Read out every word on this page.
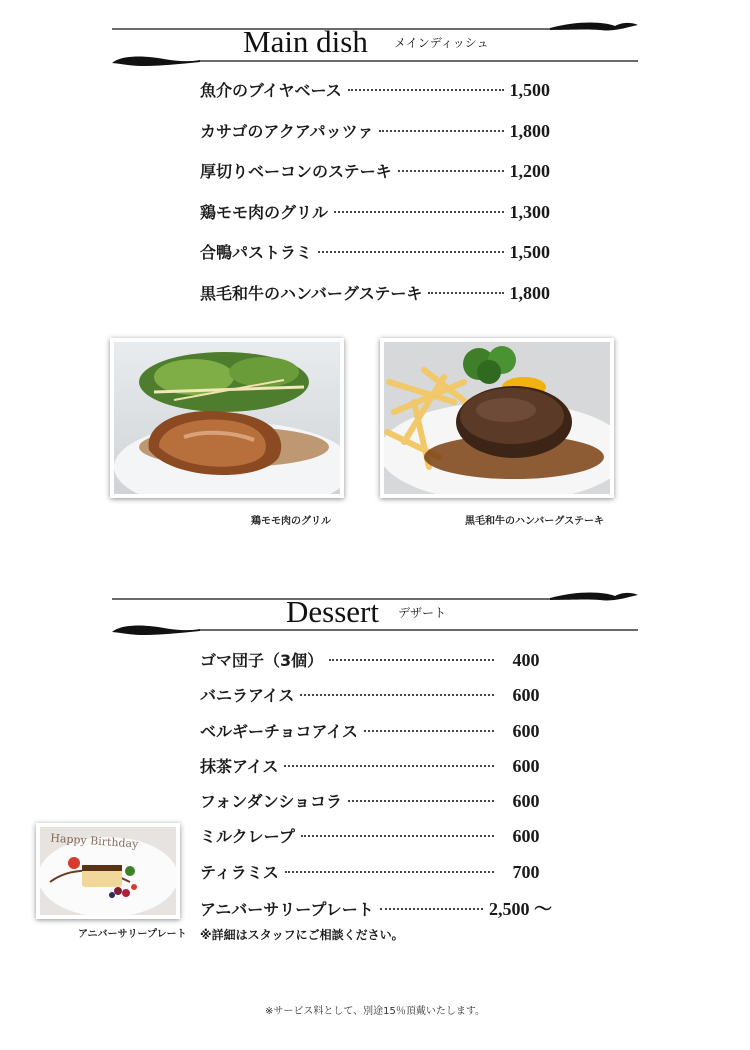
Main dish メインディッシュ
魚介のブイヤベース	1,500
カサゴのアクアパッツァ	1,800
厚切りベーコンのステーキ	1,200
鶏モモ肉のグリル	1,300
合鴨パストラミ	1,500
黒毛和牛のハンバーグステーキ	1,800
鶏モモ肉のグリル	黒毛和牛のハンバーグステーキ
Dessert デザート
ゴマ団子（3個）	400
バニラアイス	600
ベルギーチョコアイス	600
抹茶アイス	600
フォンダンショコラ	600
ミルクレープ	600
ティラミス	700
アニバーサリープレート	2,500 ～
※詳細はスタッフにご相談ください。
Happy Birthday
アニバーサリープレート
※サービス料として、別途15％頂戴いたします。
